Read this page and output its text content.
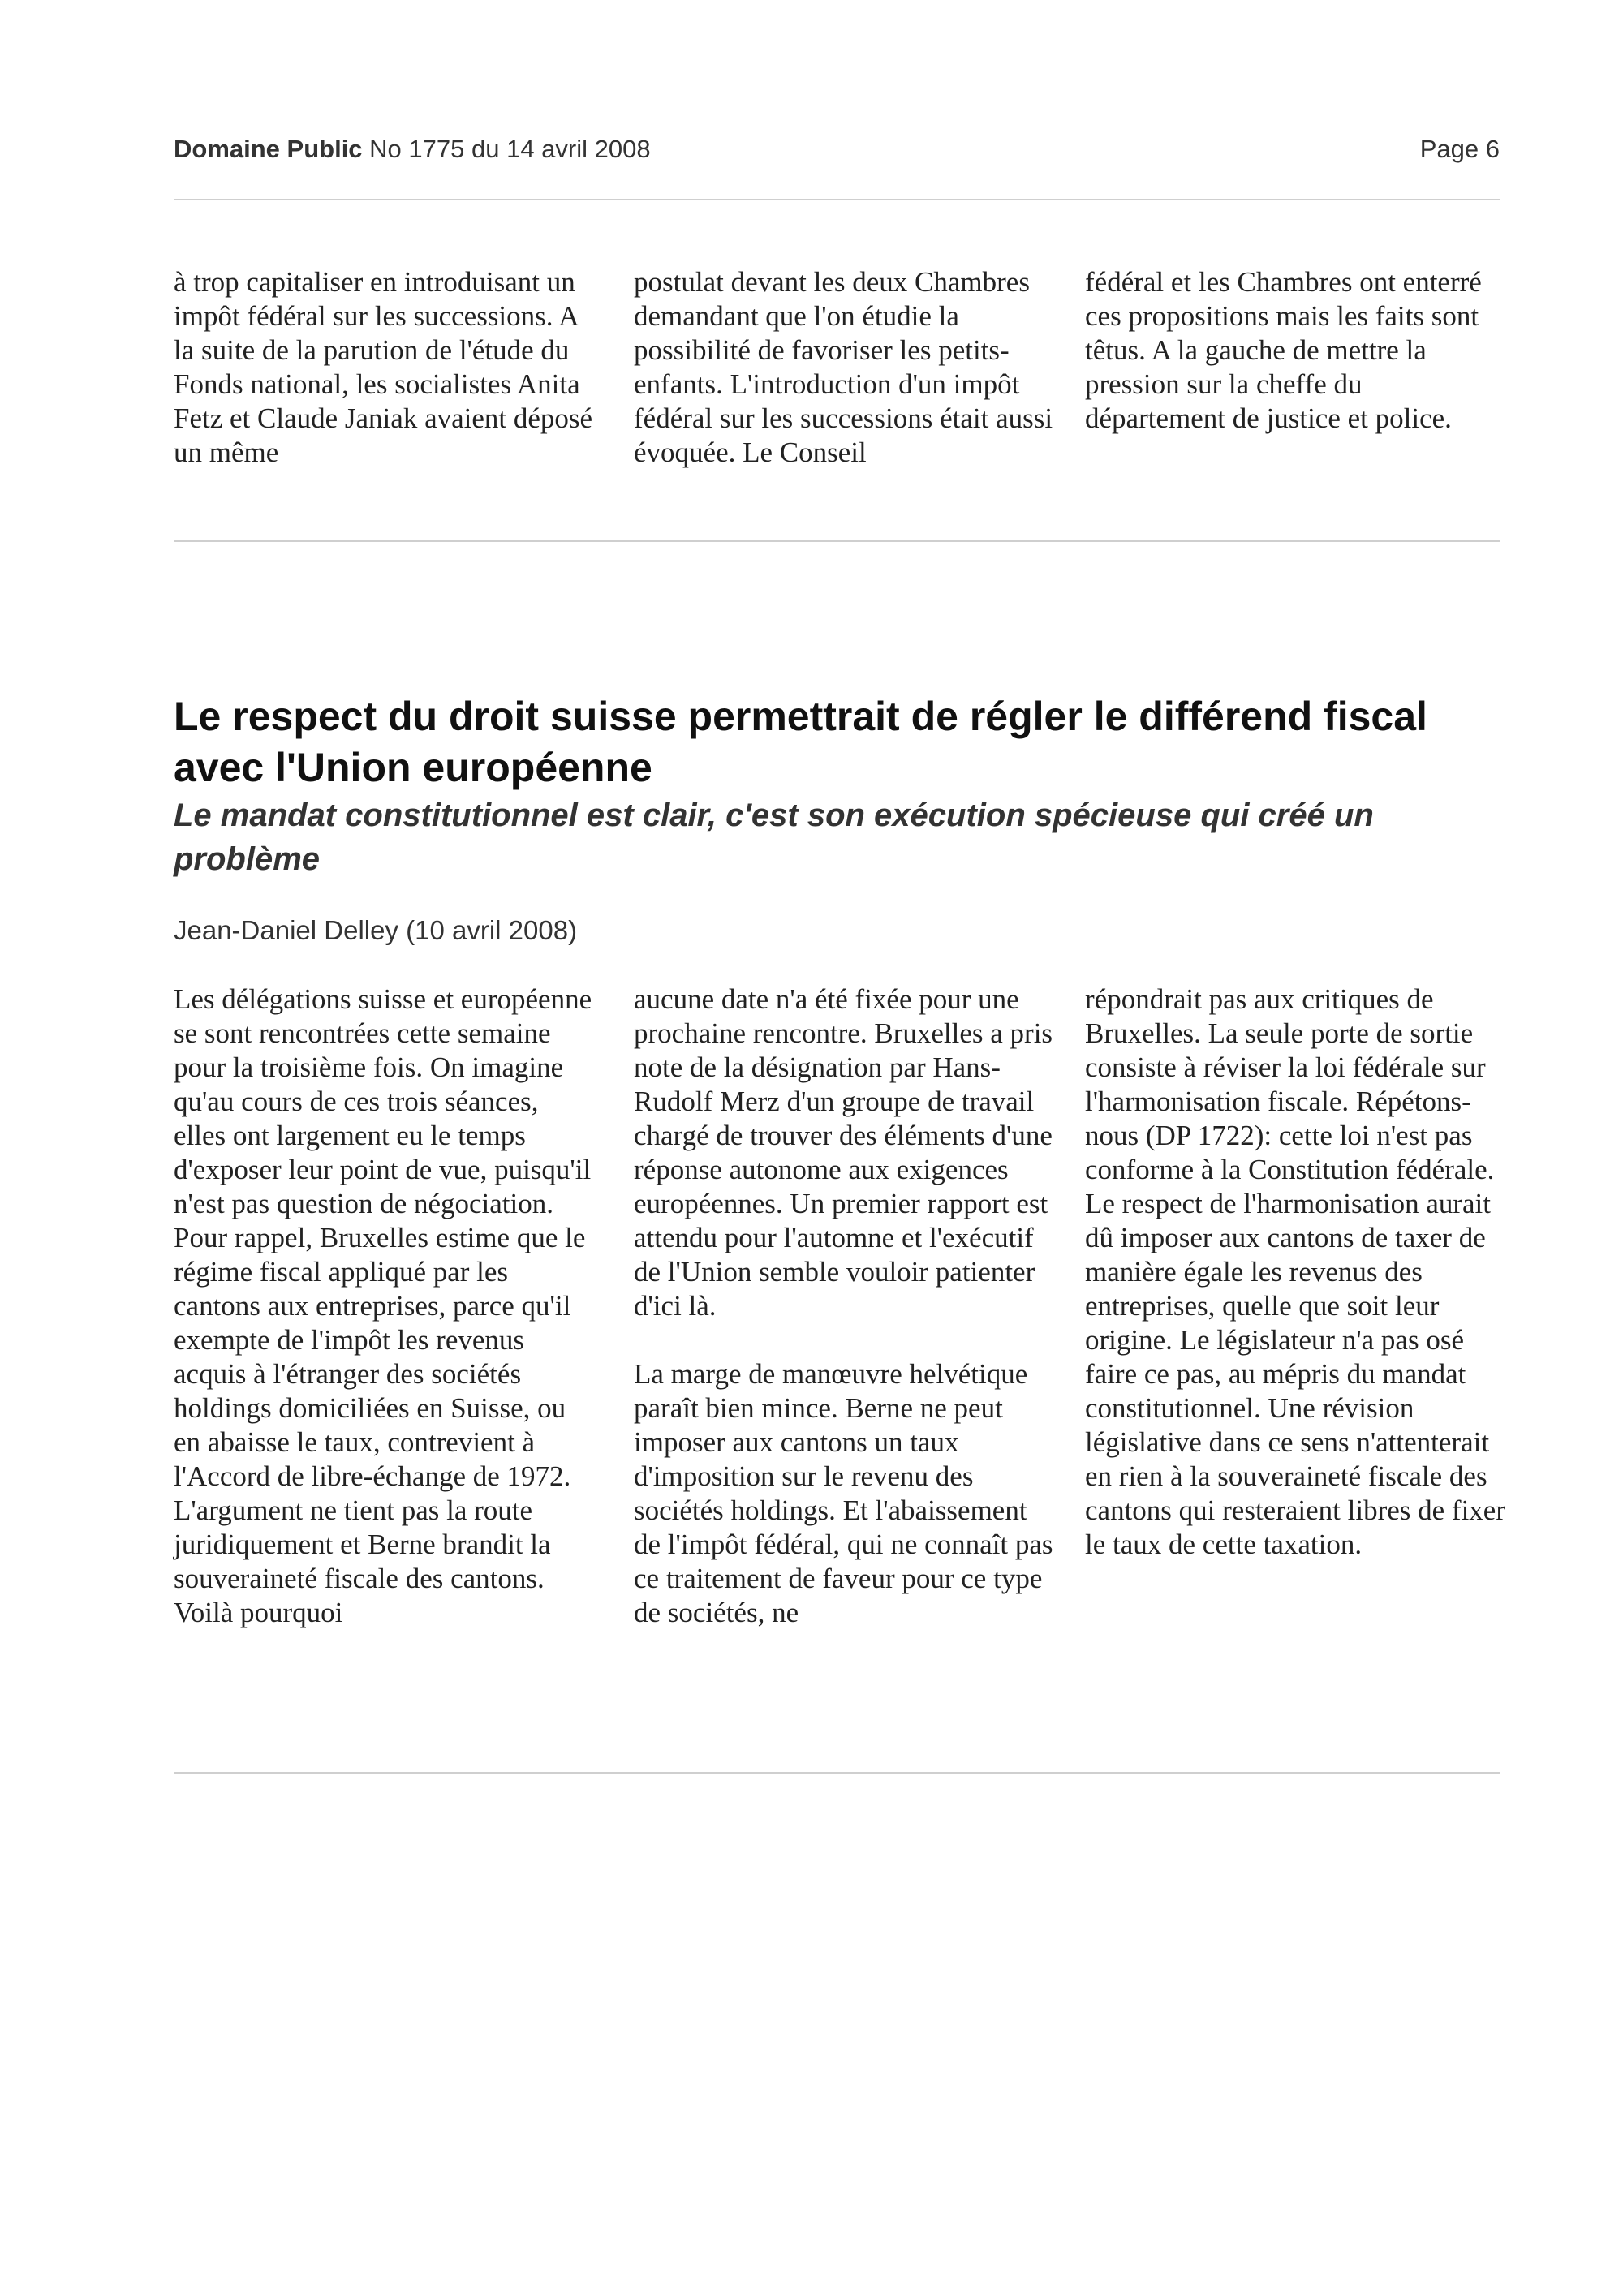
Domaine Public No 1775 du 14 avril 2008	Page 6

à trop capitaliser en introduisant un impôt fédéral sur les successions. A la suite de la parution de l'étude du Fonds national, les socialistes Anita Fetz et Claude Janiak avaient déposé un même

postulat devant les deux Chambres demandant que l'on étudie la possibilité de favoriser les petits-enfants. L'introduction d'un impôt fédéral sur les successions était aussi évoquée. Le Conseil

fédéral et les Chambres ont enterré ces propositions mais les faits sont têtus. A la gauche de mettre la pression sur la cheffe du département de justice et police.

Le respect du droit suisse permettrait de régler le différend fiscal avec l'Union européenne
Le mandat constitutionnel est clair, c'est son exécution spécieuse qui créé un problème
Jean-Daniel Delley (10 avril 2008)

Les délégations suisse et européenne se sont rencontrées cette semaine pour la troisième fois. On imagine qu'au cours de ces trois séances, elles ont largement eu le temps d'exposer leur point de vue, puisqu'il n'est pas question de négociation. Pour rappel, Bruxelles estime que le régime fiscal appliqué par les cantons aux entreprises, parce qu'il exempte de l'impôt les revenus acquis à l'étranger des sociétés holdings domiciliées en Suisse, ou en abaisse le taux, contrevient à l'Accord de libre-échange de 1972. L'argument ne tient pas la route juridiquement et Berne brandit la souveraineté fiscale des cantons. Voilà pourquoi

aucune date n'a été fixée pour une prochaine rencontre. Bruxelles a pris note de la désignation par Hans-Rudolf Merz d'un groupe de travail chargé de trouver des éléments d'une réponse autonome aux exigences européennes. Un premier rapport est attendu pour l'automne et l'exécutif de l'Union semble vouloir patienter d'ici là.

La marge de manœuvre helvétique paraît bien mince. Berne ne peut imposer aux cantons un taux d'imposition sur le revenu des sociétés holdings. Et l'abaissement de l'impôt fédéral, qui ne connaît pas ce traitement de faveur pour ce type de sociétés, ne

répondrait pas aux critiques de Bruxelles. La seule porte de sortie consiste à réviser la loi fédérale sur l'harmonisation fiscale. Répétons-nous (DP 1722): cette loi n'est pas conforme à la Constitution fédérale. Le respect de l'harmonisation aurait dû imposer aux cantons de taxer de manière égale les revenus des entreprises, quelle que soit leur origine. Le législateur n'a pas osé faire ce pas, au mépris du mandat constitutionnel. Une révision législative dans ce sens n'attenterait en rien à la souveraineté fiscale des cantons qui resteraient libres de fixer le taux de cette taxation.
